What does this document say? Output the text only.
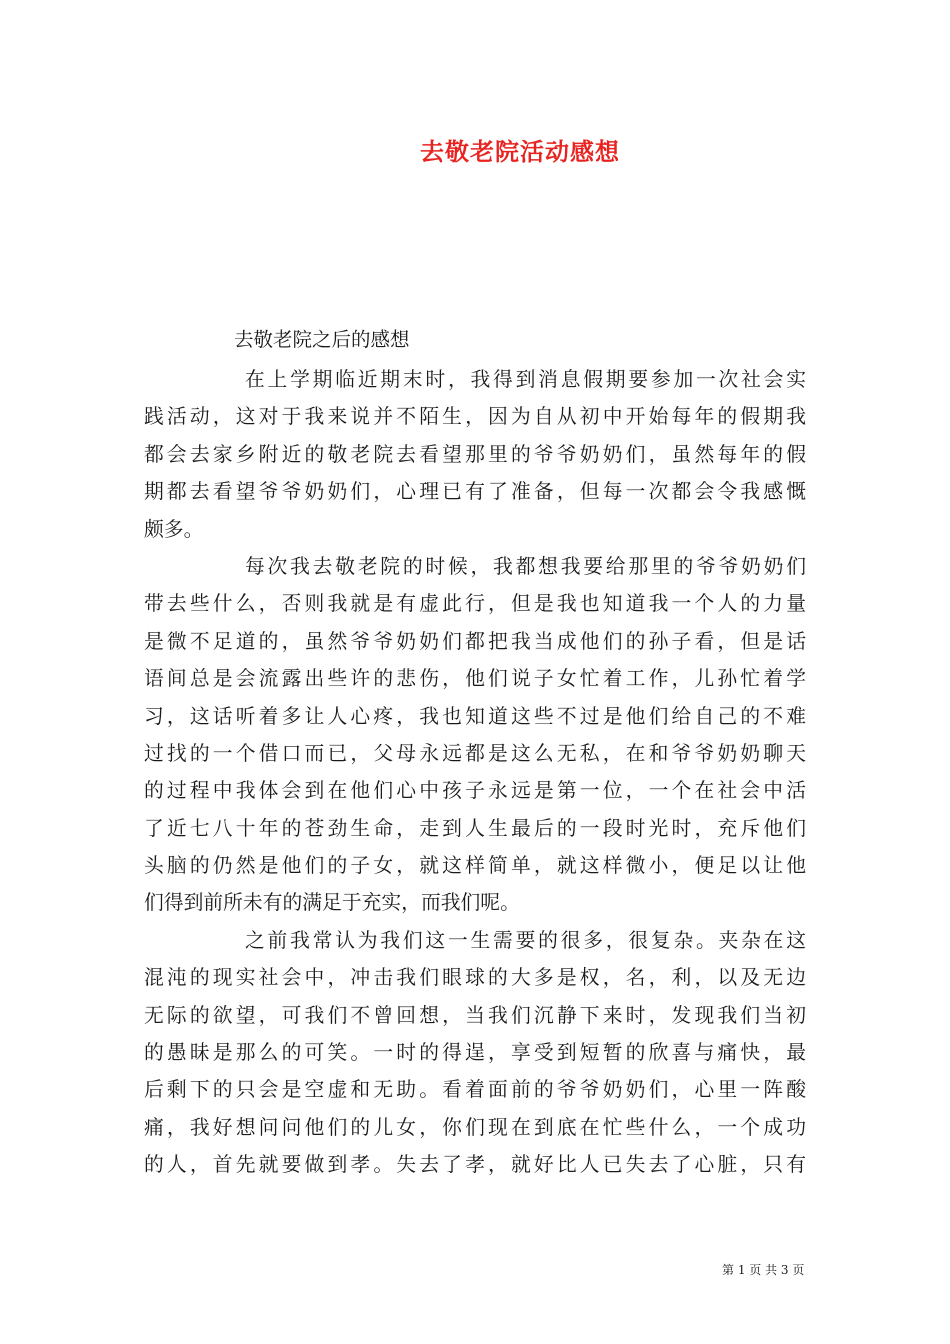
去敬老院活动感想
去敬老院之后的感想
在上学期临近期末时，我得到消息假期要参加一次社会实
践活动，这对于我来说并不陌生，因为自从初中开始每年的假期我
都会去家乡附近的敬老院去看望那里的爷爷奶奶们，虽然每年的假
期都去看望爷爷奶奶们，心理已有了准备，但每一次都会令我感慨
颇多。
每次我去敬老院的时候，我都想我要给那里的爷爷奶奶们
带去些什么，否则我就是有虚此行，但是我也知道我一个人的力量
是微不足道的，虽然爷爷奶奶们都把我当成他们的孙子看，但是话
语间总是会流露出些许的悲伤，他们说子女忙着工作，儿孙忙着学
习，这话听着多让人心疼，我也知道这些不过是他们给自己的不难
过找的一个借口而已，父母永远都是这么无私，在和爷爷奶奶聊天
的过程中我体会到在他们心中孩子永远是第一位，一个在社会中活
了近七八十年的苍劲生命，走到人生最后的一段时光时，充斥他们
头脑的仍然是他们的子女，就这样简单，就这样微小，便足以让他
们得到前所未有的满足于充实，而我们呢。
之前我常认为我们这一生需要的很多，很复杂。夹杂在这
混沌的现实社会中，冲击我们眼球的大多是权，名，利，以及无边
无际的欲望，可我们不曾回想，当我们沉静下来时，发现我们当初
的愚昧是那么的可笑。一时的得逞，享受到短暂的欣喜与痛快，最
后剩下的只会是空虚和无助。看着面前的爷爷奶奶们，心里一阵酸
痛，我好想问问他们的儿女，你们现在到底在忙些什么，一个成功
的人，首先就要做到孝。失去了孝，就好比人已失去了心脏，只有
第 1 页 共 3 页
